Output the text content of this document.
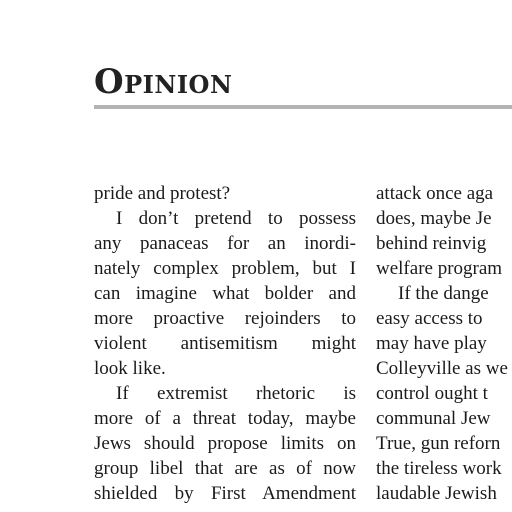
Opinion
pride and protest?
I don’t pretend to possess
any panaceas for an inordi-
nately complex problem, but I
can imagine what bolder and
more proactive rejoinders to
violent antisemitism might
look like.
If extremist rhetoric is
more of a threat today, maybe
Jews should propose limits on
group libel that are as of now
shielded by First Amendment
attack once aga
does, maybe Je
behind reinvig
welfare program
If the dange
easy access to
may have play
Colleyville as we
control ought t
communal Jew
True, gun reforn
the tireless work
laudable Jewish
